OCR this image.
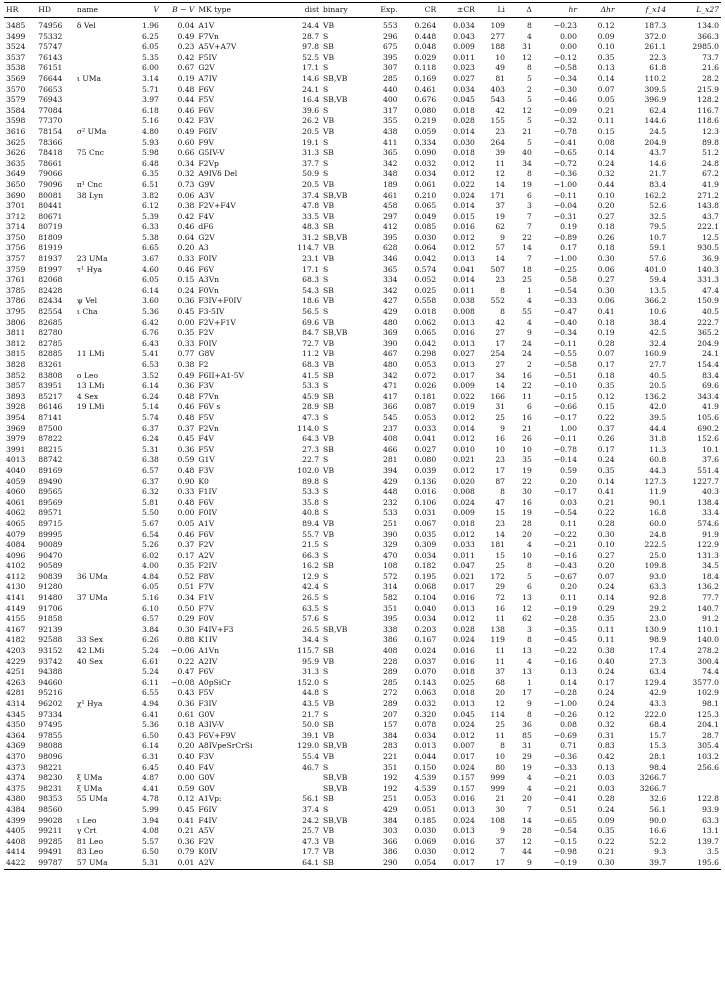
HR	HD	name	V	B − V	MK type	dist	binary	Exp.	CR	±CR	Li	Δ	hr	Δhr	f_x14	L_x27

3485	74956	δ Vel	1.96	0.04	A1V	24.4	VB	553	0.264	0.034	109	8	−0.23	0.12	187.3	134.0
3499	75332		6.25	0.49	F7Vn	28.7	S	296	0.448	0.043	277	4	0.00	0.09	372.0	366.3
3524	75747		6.05	0.23	A5V+A7V	97.8	SB	675	0.048	0.009	188	31	0.00	0.10	261.1	2985.0
3537	76143		5.35	0.42	F5IV	52.5	VB	395	0.029	0.011	10	12	−0.12	0.35	22.3	73.7
3538	76151		6.00	0.67	G2V	17.1	S	307	0.118	0.023	49	8	−0.58	0.13	61.8	21.6
3569	76644	ι UMa	3.14	0.19	A7IV	14.6	SB,VB	285	0.169	0.027	81	5	−0.34	0.14	110.2	28.2
3570	76653		5.71	0.48	F6V	24.1	S	440	0.461	0.034	403	2	−0.30	0.07	309.5	215.9
3579	76943		3.97	0.44	F5V	16.4	SB,VB	400	0.676	0.045	543	5	−0.46	0.05	396.9	128.2
3584	77084		6.18	0.46	F6V	39.6	S	317	0.080	0.018	42	12	−0.09	0.21	62.4	116.7
3598	77370		5.16	0.42	F3V	26.2	VB	355	0.219	0.028	155	5	−0.32	0.11	144.6	118.6
3616	78154	σ² UMa	4.80	0.49	F6IV	20.5	VB	438	0.059	0.014	23	21	−0.78	0.15	24.5	12.3
3625	78366		5.93	0.60	F9V	19.1	S	411	0.334	0.030	264	5	−0.41	0.08	204.9	89.8
3626	78418	75 Cnc	5.98	0.66	G5IV-V	31.3	SB	365	0.090	0.018	39	40	−0.65	0.14	43.7	51.2
3635	78661		6.48	0.34	F2Vp	37.7	S	342	0.032	0.012	11	34	−0.72	0.24	14.6	24.8
3649	79066		6.35	0.32	A9IVδ Del	50.9	S	348	0.034	0.012	12	8	−0.36	0.32	21.7	67.2
3650	79096	π¹ Cnc	6.51	0.73	G9V	20.5	VB	189	0.061	0.022	14	19	−1.00	0.44	83.4	41.9
3690	80081	38 Lyn	3.82	0.06	A3V	37.4	SB,VB	461	0.210	0.024	171	6	−0.11	0.10	162.2	271.2
3701	80441		6.12	0.38	F2V+F4V	47.8	VB	458	0.065	0.014	37	3	−0.04	0.20	52.6	143.8
3712	80671		5.39	0.42	F4V	33.5	VB	297	0.049	0.015	19	7	−0.31	0.27	32.5	43.7
3714	80719		6.33	0.46	dF6	48.3	SB	412	0.085	0.016	62	7	0.19	0.18	79.5	222.1
3750	81809		5.38	0.64	G2V	31.2	SB,VB	395	0.030	0.012	9	22	−0.89	0.26	10.7	12.5
3756	81919		6.65	0.20	A3	114.7	VB	628	0.064	0.012	57	14	0.17	0.18	59.1	930.5
3757	81937	23 UMa	3.67	0.33	F0IV	23.1	VB	346	0.042	0.013	14	7	−1.00	0.30	57.6	36.9
3759	81997	τ¹ Hya	4.60	0.46	F6V	17.1	S	365	0.574	0.041	507	18	−0.25	0.06	401.0	140.3
3761	82068		6.05	0.15	A3Vn	68.3	S	334	0.052	0.014	23	25	0.58	0.27	59.4	331.3
3785	82428		6.14	0.24	F0Vn	54.3	SB	342	0.025	0.011	8	1	−0.54	0.30	13.5	47.4
3786	82434	ψ Vel	3.60	0.36	F3IV+F0IV	18.6	VB	427	0.558	0.038	552	4	−0.33	0.06	366.2	150.9
3795	82554	ι Cha	5.36	0.45	F3-5IV	56.5	S	429	0.018	0.008	8	55	−0.47	0.41	10.6	40.5
3806	82685		6.42	0.00	F2V+F1V	69.6	VB	480	0.062	0.013	42	4	−0.40	0.18	38.4	222.7
3811	82780		6.76	0.35	F2V	84.7	SB,VB	369	0.065	0.016	27	9	−0.34	0.19	42.5	365.2
3812	82785		6.43	0.33	F0IV	72.7	VB	390	0.042	0.013	17	24	−0.11	0.28	32.4	204.9
3815	82885	11 LMi	5.41	0.77	G8V	11.2	VB	467	0.298	0.027	254	24	−0.55	0.07	160.9	24.1
3828	83261		6.53	0.38	F2	68.3	VB	480	0.053	0.013	27	2	−0.58	0.17	27.7	154.4
3852	83808	o Leo	3.52	0.49	F6II+A1-5V	41.5	SB	342	0.072	0.017	34	16	−0.51	0.18	40.5	83.4
3857	83951	13 LMi	6.14	0.36	F3V	53.3	S	471	0.026	0.009	14	22	−0.10	0.35	20.5	69.6
3893	85217	4 Sex	6.24	0.48	F7Vn	45.9	SB	417	0.181	0.022	166	11	−0.15	0.12	136.2	343.4
3928	86146	19 LMi	5.14	0.46	F6V s	28.9	SB	366	0.087	0.019	31	6	−0.66	0.15	42.0	41.9
3954	87141		5.74	0.48	F5V	47.3	S	545	0.053	0.012	25	16	−0.17	0.22	39.5	105.6
3969	87500		6.37	0.37	F2Vn	114.0	S	237	0.033	0.014	9	21	1.00	0.37	44.4	690.2
3979	87822		6.24	0.45	F4V	64.3	VB	408	0.041	0.012	16	26	−0.11	0.26	31.8	152.6
3991	88215		5.31	0.36	F5V	27.3	SB	466	0.027	0.010	10	10	−0.78	0.17	11.3	10.1
4013	88742		6.38	0.59	G1V	22.7	S	281	0.080	0.021	23	35	−0.14	0.24	60.8	37.6
4040	89169		6.57	0.48	F3V	102.0	VB	394	0.039	0.012	17	19	0.59	0.35	44.3	551.4
4059	89490		6.37	0.90	K0	89.8	S	429	0.136	0.020	87	22	0.20	0.14	127.3	1227.7
4060	89565		6.32	0.33	F1IV	53.3	S	448	0.016	0.008	8	30	−0.17	0.41	11.9	40.3
4061	89569		5.81	0.48	F6V	35.8	S	232	0.106	0.024	47	16	0.03	0.21	90.1	138.4
4062	89571		5.50	0.00	F0IV	40.8	S	533	0.031	0.009	15	19	−0.54	0.22	16.8	33.4
4065	89715		5.67	0.05	A1V	89.4	VB	251	0.067	0.018	23	28	0.11	0.28	60.0	574.6
4079	89995		6.54	0.46	F6V	55.7	VB	390	0.035	0.012	14	20	−0.22	0.30	24.8	91.9
4084	90089		5.26	0.37	F2V	21.5	S	329	0.309	0.033	181	4	−0.21	0.10	222.5	122.9
4096	90470		6.02	0.17	A2V	66.3	S	470	0.034	0.011	15	10	−0.16	0.27	25.0	131.3
4102	90589		4.00	0.35	F2IV	16.2	SB	108	0.182	0.047	25	8	−0.43	0.20	109.8	34.5
4112	90839	36 UMa	4.84	0.52	F8V	12.9	S	572	0.195	0.021	172	5	−0.67	0.07	93.0	18.4
4130	91280		6.05	0.51	F7V	42.4	S	314	0.068	0.017	29	6	0.20	0.24	63.3	136.2
4141	91480	37 UMa	5.16	0.34	F1V	26.5	S	582	0.104	0.016	72	13	0.11	0.14	92.8	77.7
4149	91706		6.10	0.50	F7V	63.5	S	351	0.040	0.013	16	12	−0.19	0.29	29.2	140.7
4155	91858		6.57	0.29	F0V	57.6	S	395	0.034	0.012	11	62	−0.28	0.35	23.0	91.2
4167	92139		3.84	0.30	F4IV+F3	26.5	SB,VB	338	0.203	0.028	138	3	−0.35	0.11	130.9	110.1
4182	92588	33 Sex	6.26	0.88	K1IV	34.4	S	386	0.167	0.024	119	8	−0.45	0.11	98.9	140.0
4203	93152	42 LMi	5.24	−0.06	A1Vn	115.7	SB	408	0.024	0.016	11	13	−0.22	0.38	17.4	278.2
4229	93742	40 Sex	6.61	0.22	A2IV	95.9	VB	228	0.037	0.016	11	4	−0.16	0.40	27.3	300.4
4251	94388		5.24	0.47	F6V	31.3	S	289	0.070	0.018	37	13	0.13	0.24	63.4	74.4
4263	94660		6.11	−0.08	A0pSiCr	152.0	S	285	0.143	0.025	68	1	0.14	0.17	129.4	3577.0
4281	95216		6.55	0.43	F5V	44.8	S	272	0.063	0.018	20	17	−0.28	0.24	42.9	102.9
4314	96202	χ¹ Hya	4.94	0.36	F3IV	43.5	VB	289	0.032	0.013	12	9	−1.00	0.24	43.3	98.1
4345	97334		6.41	0.61	G0V	21.7	S	207	0.320	0.045	114	8	−0.26	0.12	222.0	125.3
4350	97495		5.36	0.18	A3IV-V	50.0	SB	157	0.078	0.024	25	36	0.08	0.32	68.4	204.1
4364	97855		6.50	0.43	F6V+F9V	39.1	VB	384	0.034	0.012	11	85	−0.69	0.31	15.7	28.7
4369	98088		6.14	0.20	A8IVpeSrCrSi	129.0	SB,VB	283	0.013	0.007	8	31	0.71	0.83	15.3	305.4
4370	98096		6.31	0.40	F3V	55.4	VB	221	0.044	0.017	10	29	−0.36	0.42	28.1	103.2
4373	98221		6.45	0.40	F4V	46.7	S	351	0.150	0.024	80	19	−0.33	0.13	98.4	256.6
4374	98230	ξ UMa	4.87	0.00	G0V		SB,VB	192	4.539	0.157	999	4	−0.21	0.03	3266.7	
4375	98231	ξ UMa	4.41	0.59	G0V		SB,VB	192	4.539	0.157	999	4	−0.21	0.03	3266.7	
4380	98353	55 UMa	4.78	0.12	A1Vp:	56.1	SB	251	0.053	0.016	21	20	−0.41	0.28	32.6	122.8
4384	98560		5.99	0.45	F6IV	37.4	S	429	0.051	0.013	30	7	0.51	0.24	56.1	93.9
4399	99028	ι Leo	3.94	0.41	F4IV	24.2	SB,VB	384	0.185	0.024	108	14	−0.65	0.09	90.0	63.3
4405	99211	γ Crt	4.08	0.21	A5V	25.7	VB	303	0.030	0.013	9	28	−0.54	0.35	16.6	13.1
4408	99285	81 Leo	5.57	0.36	F2V	47.3	VB	366	0.069	0.016	37	12	−0.15	0.22	52.2	139.7
4414	99491	83 Leo	6.50	0.79	K0IV	17.7	VB	386	0.030	0.012	7	44	−0.98	0.21	9.3	3.5
4422	99787	57 UMa	5.31	0.01	A2V	64.1	SB	290	0.054	0.017	17	9	−0.19	0.30	39.7	195.6
